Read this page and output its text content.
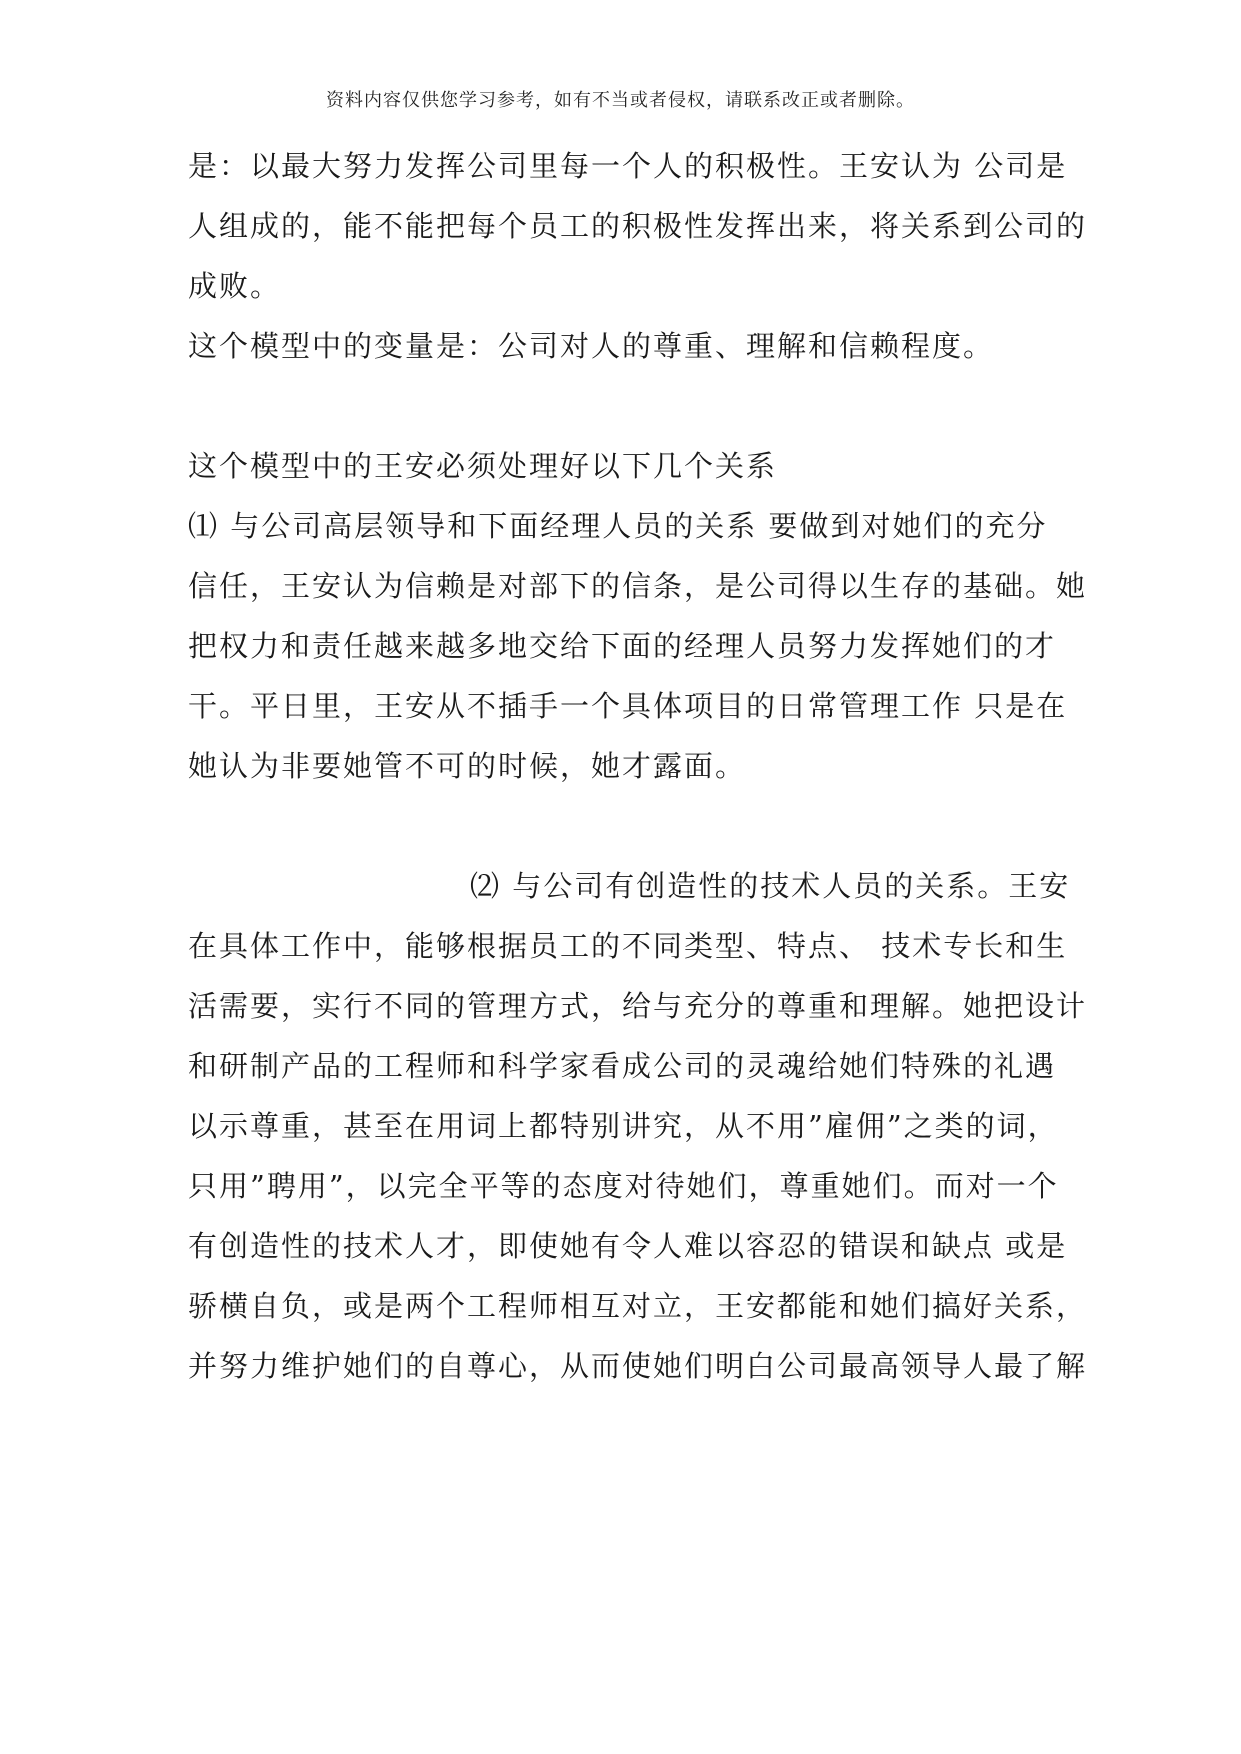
资料内容仅供您学习参考，如有不当或者侵权，请联系改正或者删除。
是：以最大努力发挥公司里每一个人的积极性。王安认为 公司是
人组成的，能不能把每个员工的积极性发挥出来，将关系到公司的
成败。
这个模型中的变量是：公司对人的尊重、理解和信赖程度。
这个模型中的王安必须处理好以下几个关系
⑴ 与公司高层领导和下面经理人员的关系 要做到对她们的充分
信任，王安认为信赖是对部下的信条，是公司得以生存的基础。她
把权力和责任越来越多地交给下面的经理人员努力发挥她们的才
干。平日里，王安从不插手一个具体项目的日常管理工作 只是在
她认为非要她管不可的时候，她才露面。
⑵ 与公司有创造性的技术人员的关系。王安
在具体工作中，能够根据员工的不同类型、特点、 技术专长和生
活需要，实行不同的管理方式，给与充分的尊重和理解。她把设计
和研制产品的工程师和科学家看成公司的灵魂给她们特殊的礼遇
以示尊重，甚至在用词上都特别讲究，从不用”雇佣”之类的词，
只用”聘用”，以完全平等的态度对待她们，尊重她们。而对一个
有创造性的技术人才，即使她有令人难以容忍的错误和缺点 或是
骄横自负，或是两个工程师相互对立，王安都能和她们搞好关系，
并努力维护她们的自尊心，从而使她们明白公司最高领导人最了解
